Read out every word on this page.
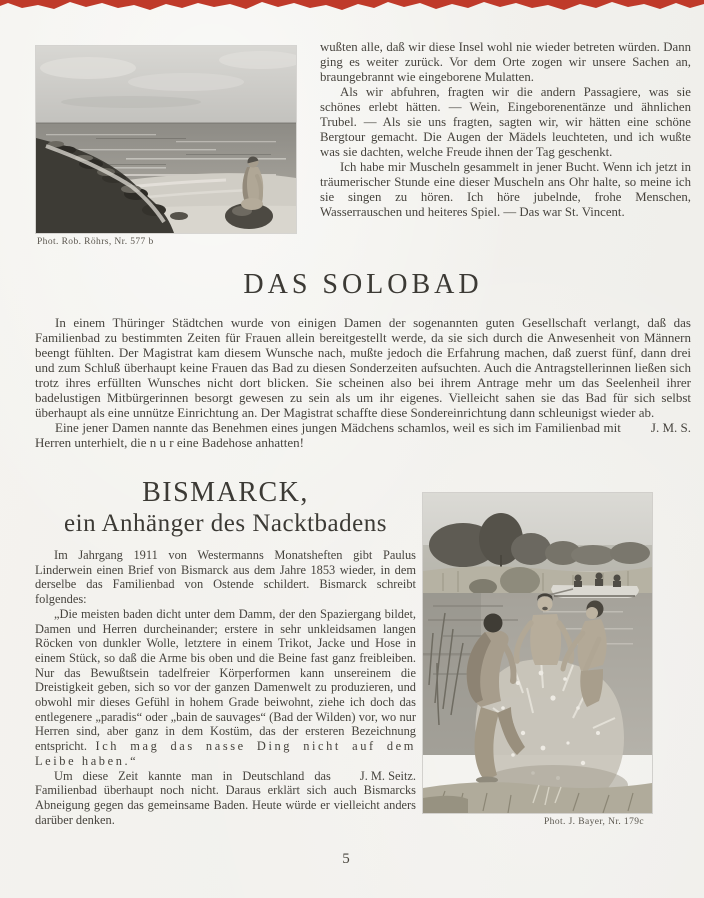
Phot. Rob. Röhrs, Nr. 577 b

wußten alle, daß wir diese Insel wohl nie wieder betreten würden. Dann ging es weiter zurück. Vor dem Orte zogen wir unsere Sachen an, braungebrannt wie eingeborene Mulatten.

Als wir abfuhren, fragten wir die andern Passagiere, was sie schönes erlebt hätten. — Wein, Eingeborenentänze und ähnlichen Trubel. — Als sie uns fragten, sagten wir, wir hätten eine schöne Bergtour gemacht. Die Augen der Mädels leuchteten, und ich wußte was sie dachten, welche Freude ihnen der Tag geschenkt.

Ich habe mir Muscheln gesammelt in jener Bucht. Wenn ich jetzt in träumerischer Stunde eine dieser Muscheln ans Ohr halte, so meine ich sie singen zu hören. Ich höre jubelnde, frohe Menschen, Wasserrauschen und heiteres Spiel. — Das war St. Vincent.

DAS SOLOBAD

In einem Thüringer Städtchen wurde von einigen Damen der sogenannten guten Gesellschaft verlangt, daß das Familienbad zu bestimmten Zeiten für Frauen allein bereitgestellt werde, da sie sich durch die Anwesenheit von Männern beengt fühlten. Der Magistrat kam diesem Wunsche nach, mußte jedoch die Erfahrung machen, daß zuerst fünf, dann drei und zum Schluß überhaupt keine Frauen das Bad zu diesen Sonderzeiten aufsuchten. Auch die Antragstellerinnen ließen sich trotz ihres erfüllten Wunsches nicht dort blicken. Sie scheinen also bei ihrem Antrage mehr um das Seelenheil ihrer badelustigen Mitbürgerinnen besorgt gewesen zu sein als um ihr eigenes. Vielleicht sahen sie das Bad für sich selbst überhaupt als eine unnütze Einrichtung an. Der Magistrat schaffte diese Sondereinrichtung dann schleunigst wieder ab.

J. M. S.
Eine jener Damen nannte das Benehmen eines jungen Mädchens schamlos, weil es sich im Familienbad mit Herren unterhielt, die n u r eine Badehose anhatten!

BISMARCK,
ein Anhänger des Nacktbadens

Im Jahrgang 1911 von Westermanns Monatsheften gibt Paulus Linderwein einen Brief von Bismarck aus dem Jahre 1853 wieder, in dem derselbe das Familienbad von Ostende schildert. Bismarck schreibt folgendes:

„Die meisten baden dicht unter dem Damm, der den Spaziergang bildet, Damen und Herren durcheinander; erstere in sehr unkleidsamen langen Röcken von dunkler Wolle, letztere in einem Trikot, Jacke und Hose in einem Stück, so daß die Arme bis oben und die Beine fast ganz freibleiben. Nur das Bewußtsein tadelfreier Körperformen kann unsereinem die Dreistigkeit geben, sich so vor der ganzen Damenwelt zu produzieren, und obwohl mir dieses Gefühl in hohem Grade beiwohnt, ziehe ich doch das entlegenere „paradis“ oder „bain de sauvages“ (Bad der Wilden) vor, wo nur Herren sind, aber ganz in dem Kostüm, das der ersteren Bezeichnung entspricht. Ich mag das nasse Ding nicht auf dem Leibe haben.“

J. M. Seitz.
Um diese Zeit kannte man in Deutschland das Familienbad überhaupt noch nicht. Daraus erklärt sich auch Bismarcks Abneigung gegen das gemeinsame Baden. Heute würde er vielleicht anders darüber denken.	Phot. J. Bayer, Nr. 179c
5
